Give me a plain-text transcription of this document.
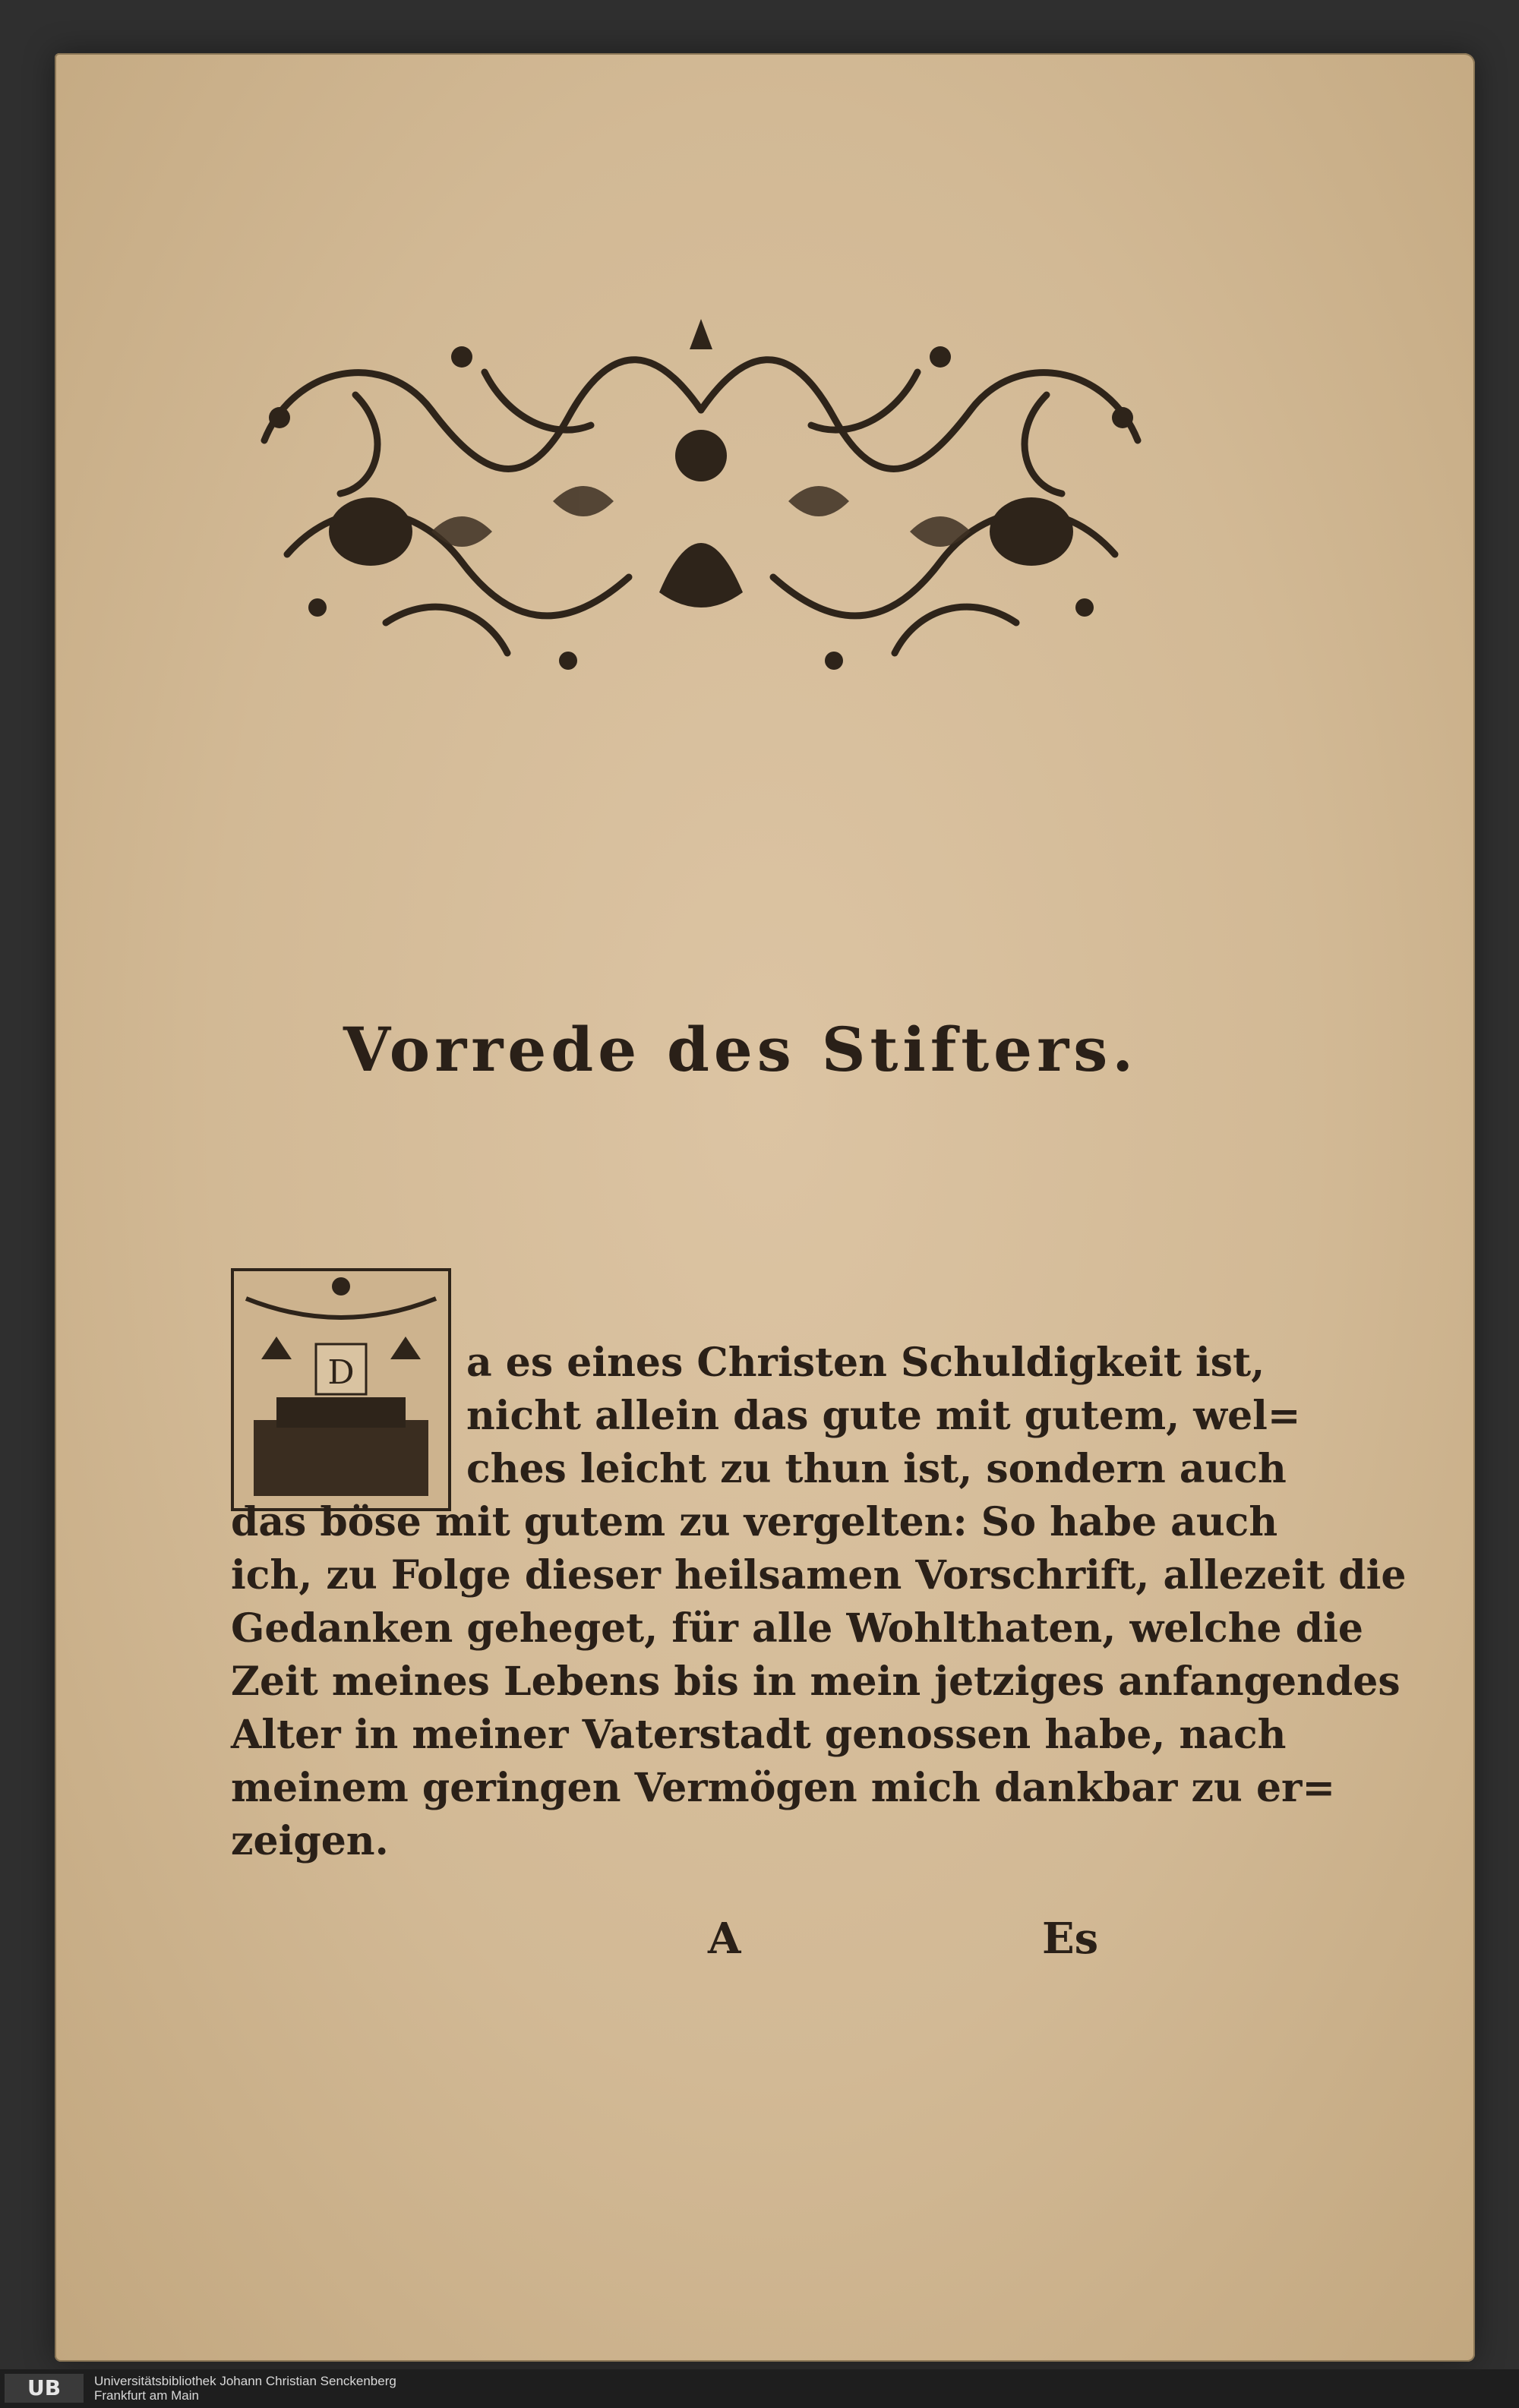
Vorrede des Stifters.
D	a es eines Christen Schuldigkeit ist,
nicht allein das gute mit gutem, wel=
ches leicht zu thun ist, sondern auch
das böse mit gutem zu vergelten: So habe auch
ich, zu Folge dieser heilsamen Vorschrift, allezeit die
Gedanken geheget, für alle Wohlthaten, welche die
Zeit meines Lebens bis in mein jetziges anfangendes
Alter in meiner Vaterstadt genossen habe, nach
meinem geringen Vermögen mich dankbar zu er=
zeigen.
A	Es
UB	Universitätsbibliothek Johann Christian Senckenberg
Frankfurt am Main
